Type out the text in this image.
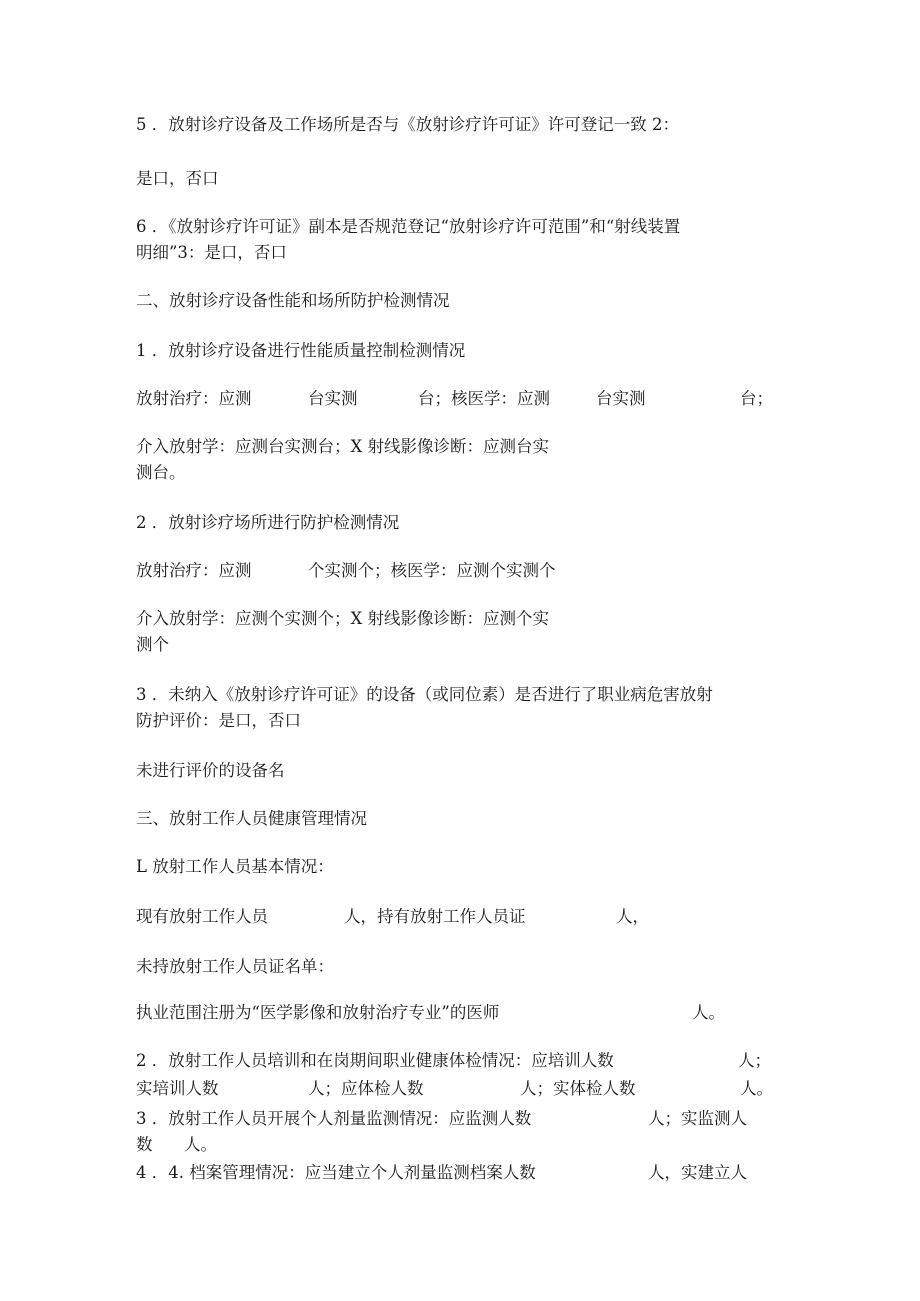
5 ．放射诊疗设备及工作场所是否与《放射诊疗许可证》许可登记一致 2：
是口，否口
6 ．《放射诊疗许可证》副本是否规范登记“放射诊疗许可范围”和“射线装置
明细”3：是口，否口
二、放射诊疗设备性能和场所防护检测情况
1 ．放射诊疗设备进行性能质量控制检测情况
放射治疗：应测	台实测	台；核医学：应测	台实测	台；
介入放射学：应测台实测台；X 射线影像诊断：应测台实
测台。
2 ．放射诊疗场所进行防护检测情况
放射治疗：应测	个实测个；核医学：应测个实测个
介入放射学：应测个实测个；X 射线影像诊断：应测个实
测个
3 ．未纳入《放射诊疗许可证》的设备（或同位素）是否进行了职业病危害放射
防护评价：是口，否口
未进行评价的设备名
三、放射工作人员健康管理情况
L 放射工作人员基本情况：
现有放射工作人员	人，持有放射工作人员证	人，
未持放射工作人员证名单：
执业范围注册为“医学影像和放射治疗专业”的医师	人。
2 ．放射工作人员培训和在岗期间职业健康体检情况：应培训人数	人；
实培训人数	人；应体检人数	人；实体检人数	人。
3 ．放射工作人员开展个人剂量监测情况：应监测人数	人；实监测人
数 人。
4 ．4. 档案管理情况：应当建立个人剂量监测档案人数	人，实建立人
